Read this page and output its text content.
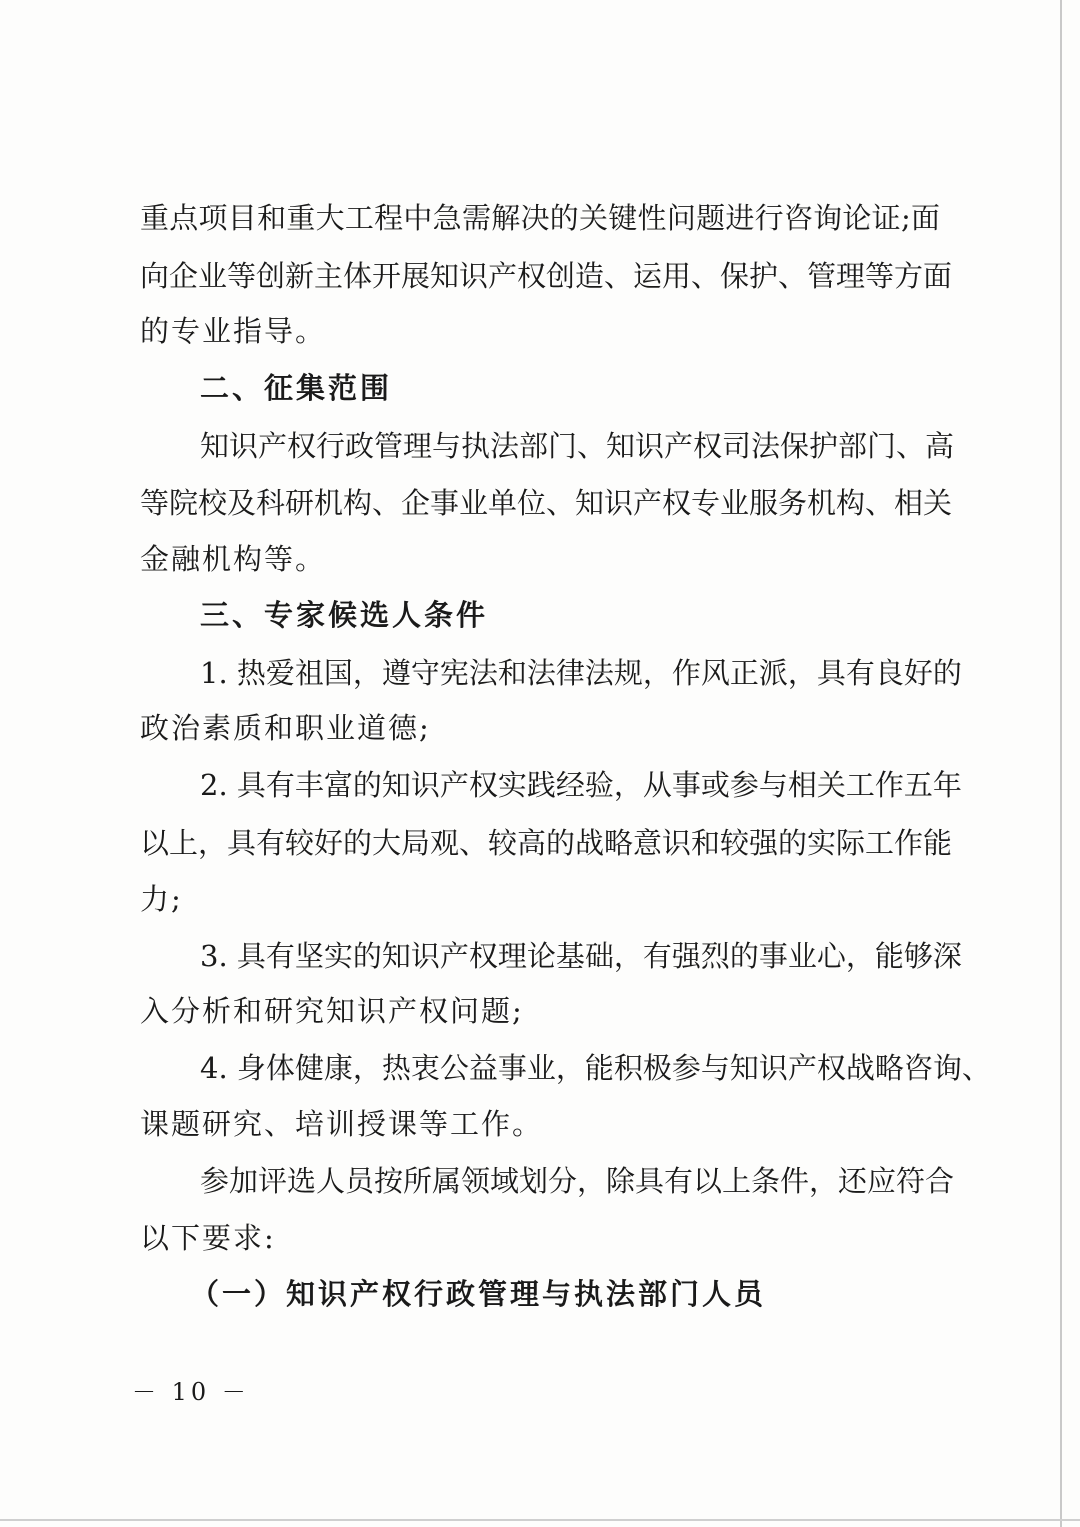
重点项目和重大工程中急需解决的关键性问题进行咨询论证;面
向企业等创新主体开展知识产权创造、运用、保护、管理等方面
的专业指导。
二、征集范围
知识产权行政管理与执法部门、知识产权司法保护部门、高
等院校及科研机构、企事业单位、知识产权专业服务机构、相关
金融机构等。
三、专家候选人条件
1. 热爱祖国，遵守宪法和法律法规，作风正派，具有良好的
政治素质和职业道德;
2. 具有丰富的知识产权实践经验，从事或参与相关工作五年
以上，具有较好的大局观、较高的战略意识和较强的实际工作能
力;
3. 具有坚实的知识产权理论基础，有强烈的事业心，能够深
入分析和研究知识产权问题;
4. 身体健康，热衷公益事业，能积极参与知识产权战略咨询、
课题研究、培训授课等工作。
参加评选人员按所属领域划分，除具有以上条件，还应符合
以下要求:
（一）知识产权行政管理与执法部门人员
－ 10 －
